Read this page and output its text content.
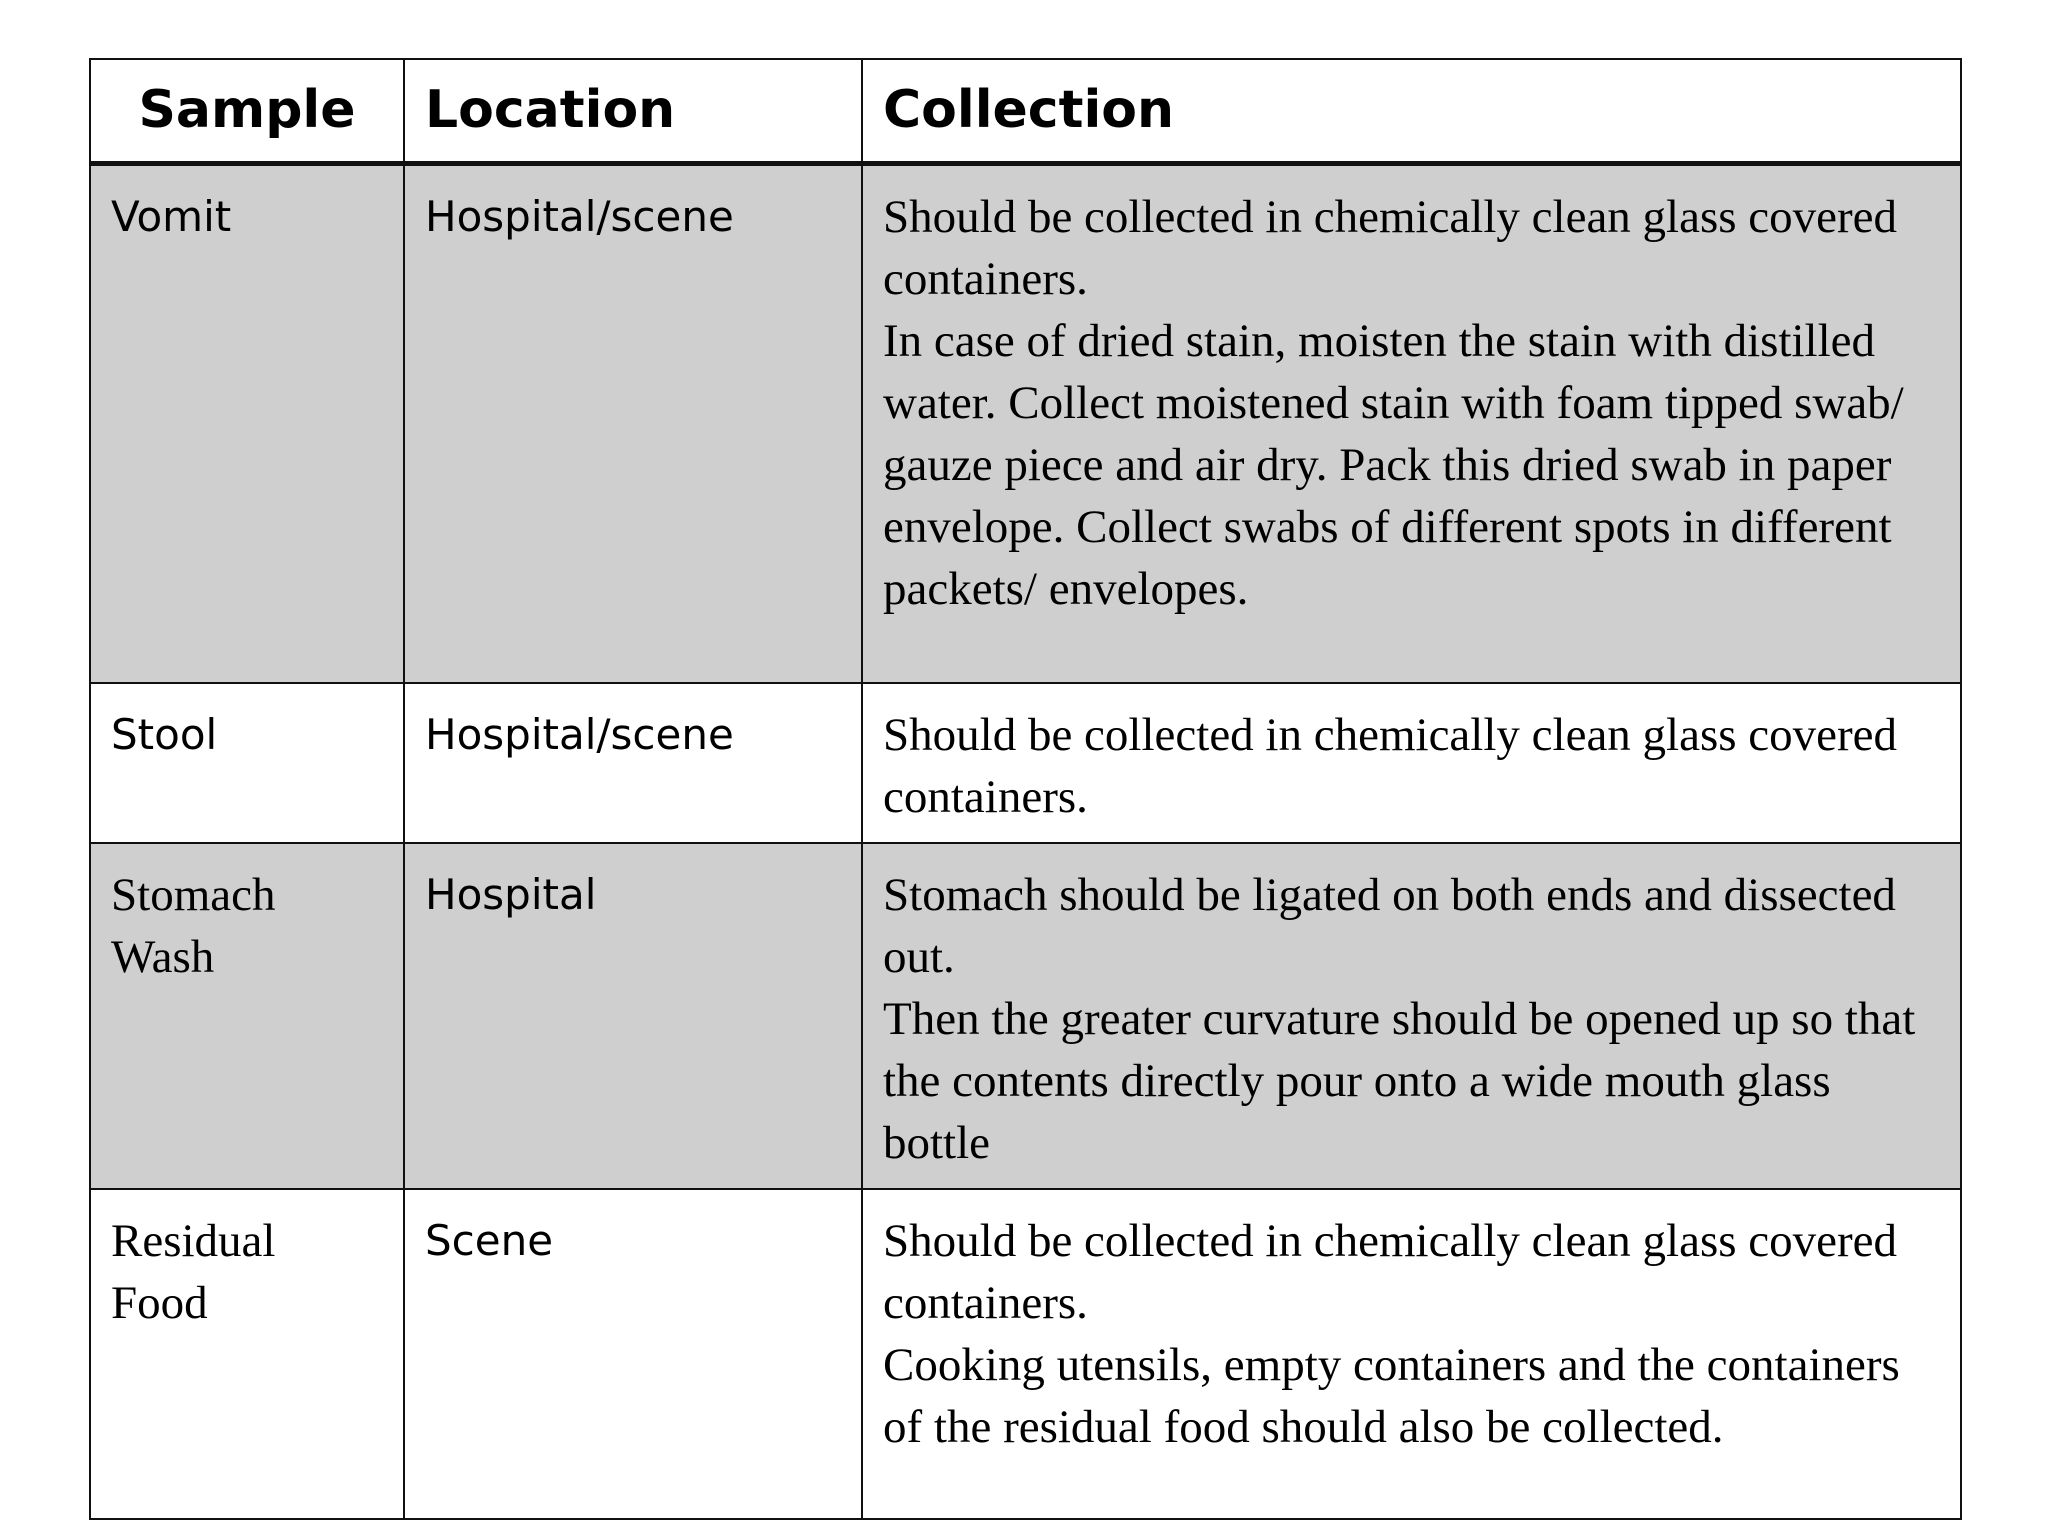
Sample	Location	Collection
Vomit	Hospital/scene	Should be collected in chemically clean glass covered containers.
In case of dried stain, moisten the stain with distilled water. Collect moistened stain with foam tipped swab/ gauze piece and air dry. Pack this dried swab in paper envelope. Collect swabs of different spots in different packets/ envelopes.

Stool	Hospital/scene	Should be collected in chemically clean glass covered containers.

Stomach Wash	Hospital	Stomach should be ligated on both ends and dissected out.
Then the greater curvature should be opened up so that the contents directly pour onto a wide mouth glass bottle

Residual Food	Scene	Should be collected in chemically clean glass covered containers.
Cooking utensils, empty containers and the containers of the residual food should also be collected.
